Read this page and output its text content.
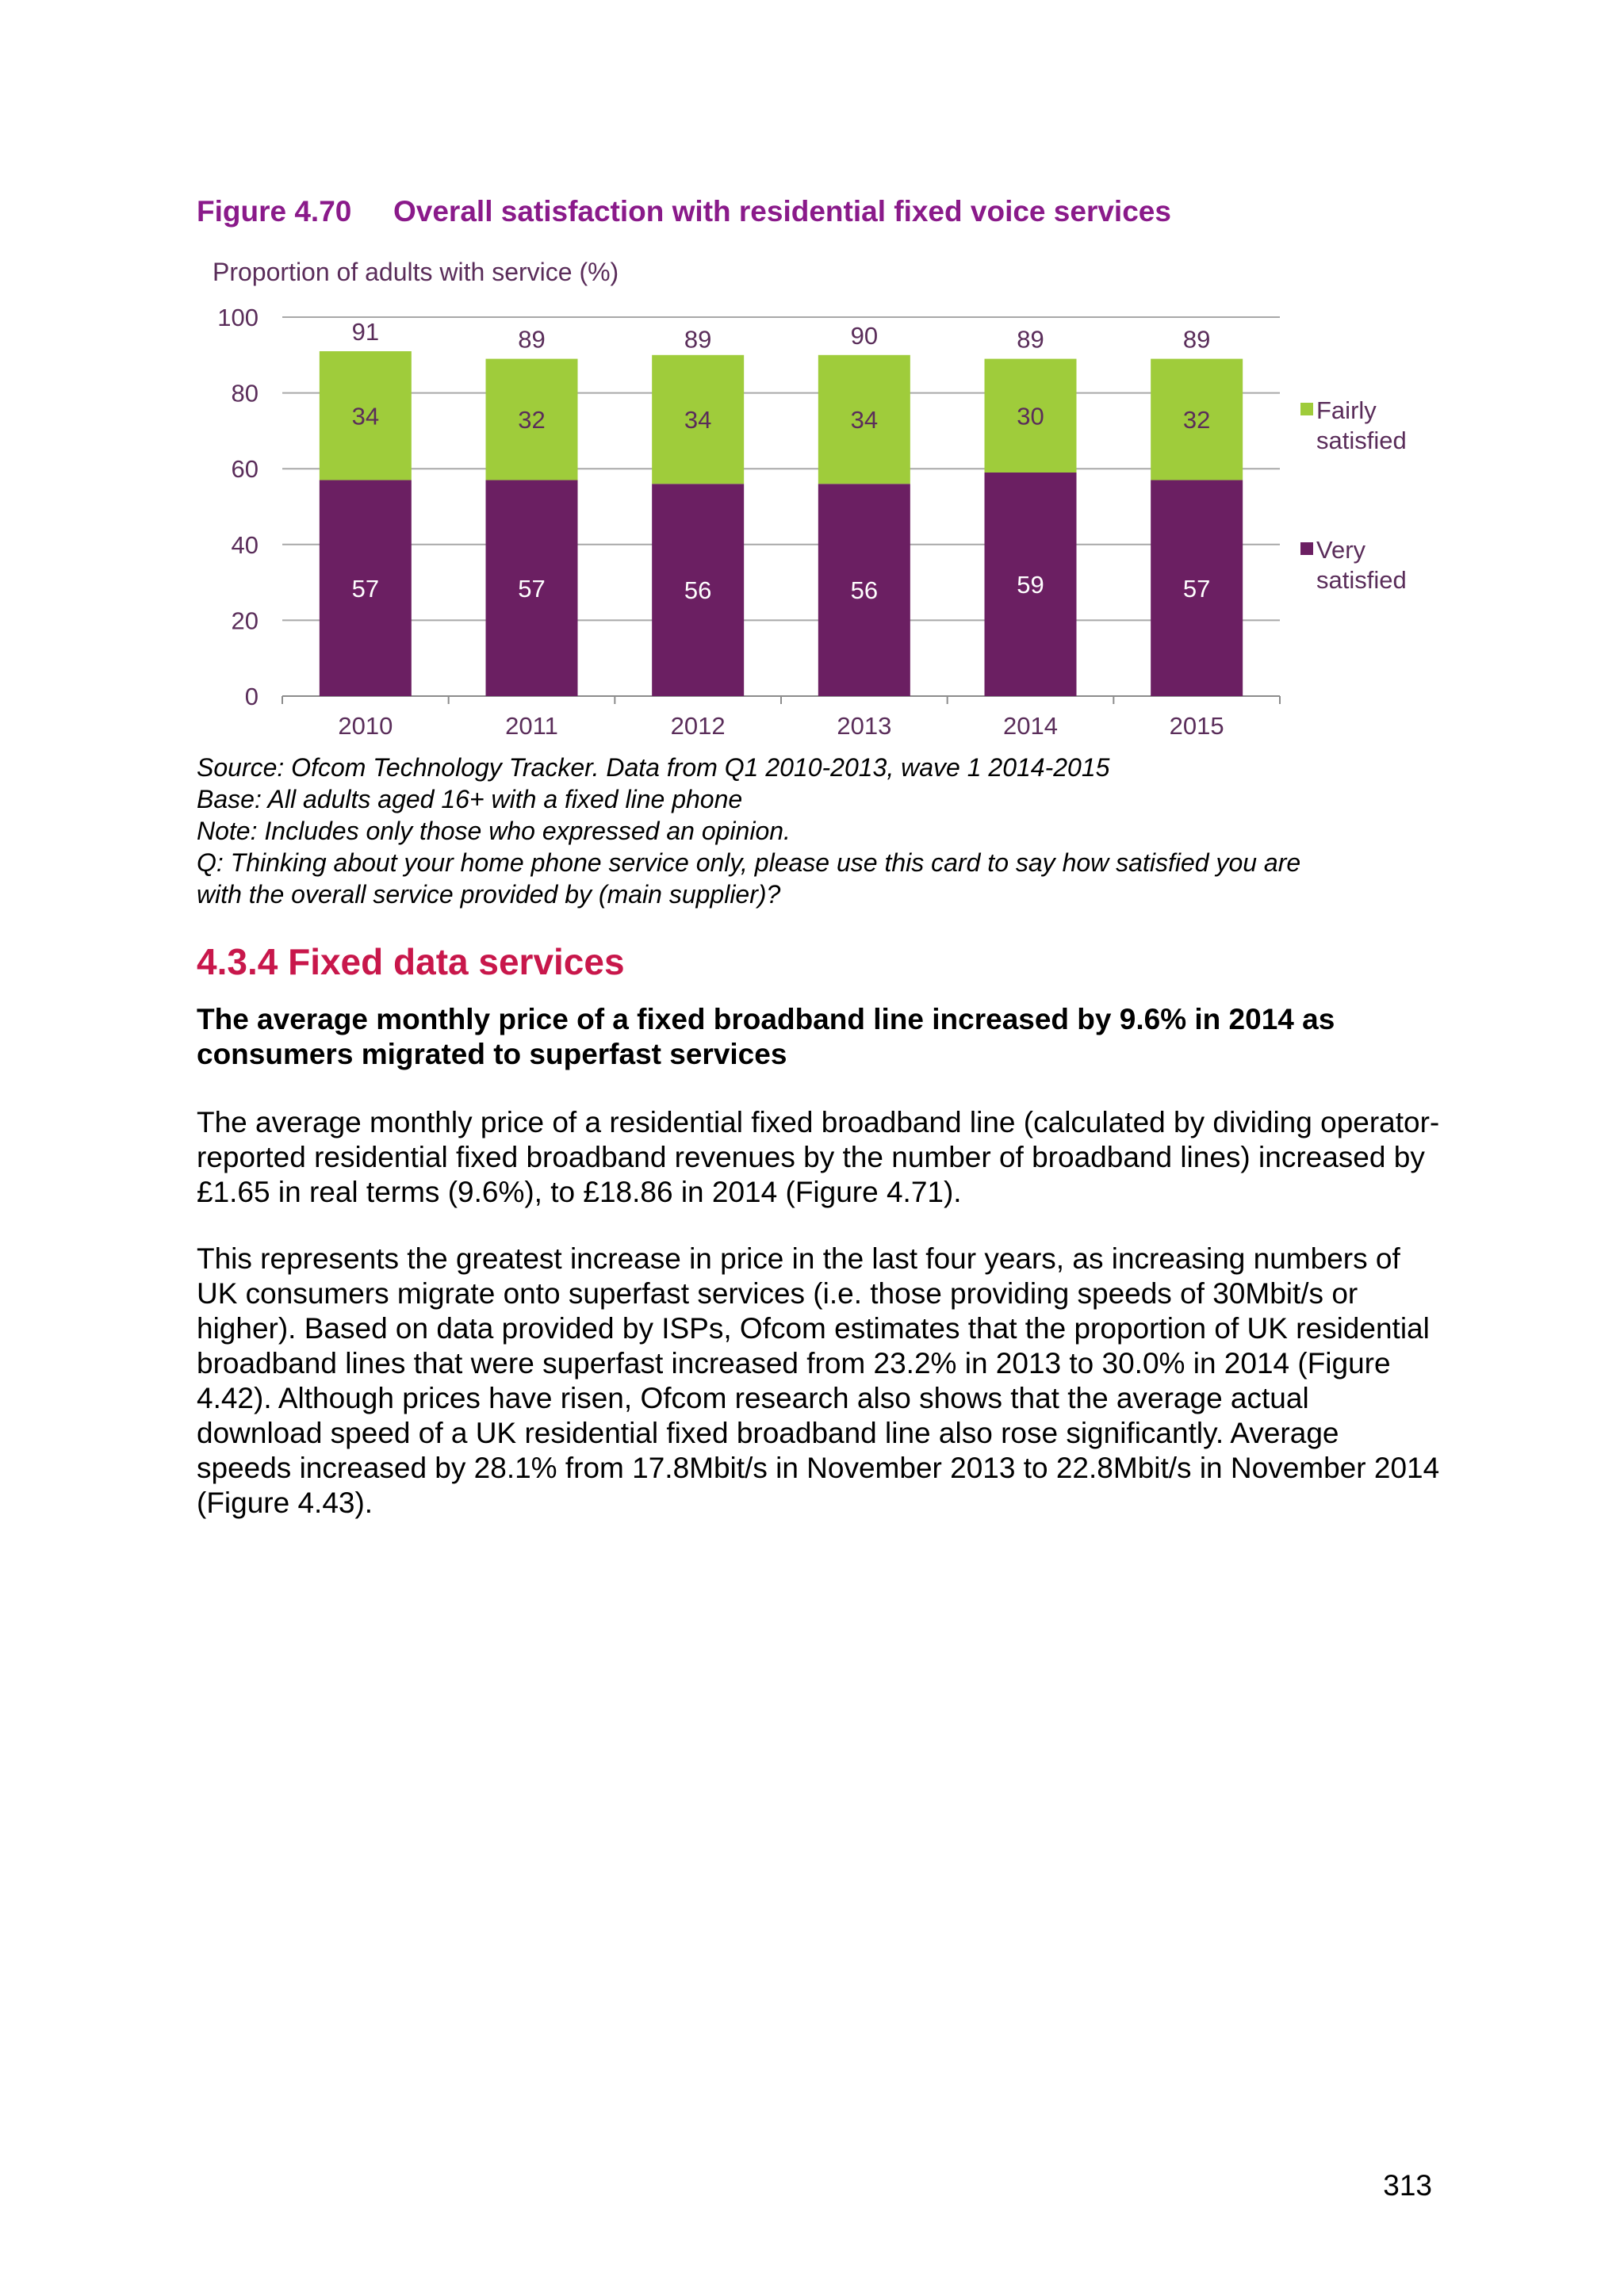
Figure 4.70 Overall satisfaction with residential fixed voice services
Proportion of adults with service (%)
0
20
40
60
80
100
57
34
91
2010
57
32
89
2011
56
34
89
2012
56
34
90
2013
59
30
89
2014
57
32
89
2015
Fairly
satisfied
Very
satisfied
Source: Ofcom Technology Tracker. Data from Q1 2010-2013, wave 1 2014-2015
Base: All adults aged 16+ with a fixed line phone
Note: Includes only those who expressed an opinion.
Q: Thinking about your home phone service only, please use this card to say how satisfied you are
with the overall service provided by (main supplier)?
4.3.4 Fixed data services
The average monthly price of a fixed broadband line increased by 9.6% in 2014 as consumers migrated to superfast services
The average monthly price of a residential fixed broadband line (calculated by dividing operator-reported residential fixed broadband revenues by the number of broadband lines) increased by £1.65 in real terms (9.6%), to £18.86 in 2014 (Figure 4.71).
This represents the greatest increase in price in the last four years, as increasing numbers of UK consumers migrate onto superfast services (i.e. those providing speeds of 30Mbit/s or higher). Based on data provided by ISPs, Ofcom estimates that the proportion of UK residential broadband lines that were superfast increased from 23.2% in 2013 to 30.0% in 2014 (Figure 4.42). Although prices have risen, Ofcom research also shows that the average actual download speed of a UK residential fixed broadband line also rose significantly. Average speeds increased by 28.1% from 17.8Mbit/s in November 2013 to 22.8Mbit/s in November 2014 (Figure 4.43).
313
